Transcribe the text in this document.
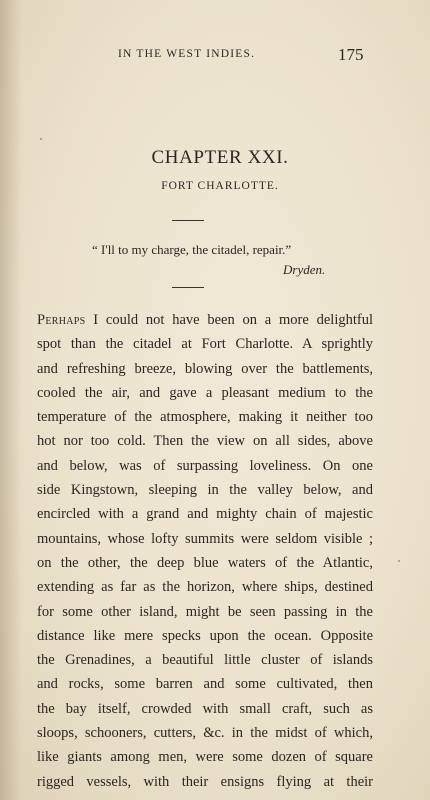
IN THE WEST INDIES.	175
CHAPTER XXI.
FORT CHARLOTTE.
“ I'll to my charge, the citadel, repair.”
Dryden.
Perhaps I could not have been on a more delightful
spot than the citadel at Fort Charlotte. A sprightly
and refreshing breeze, blowing over the battlements,
cooled the air, and gave a pleasant medium to the
temperature of the atmosphere, making it neither too
hot nor too cold. Then the view on all sides, above
and below, was of surpassing loveliness. On one
side Kingstown, sleeping in the valley below, and
encircled with a grand and mighty chain of majestic
mountains, whose lofty summits were seldom visible ;
on the other, the deep blue waters of the Atlantic,
extending as far as the horizon, where ships, destined
for some other island, might be seen passing in the
distance like mere specks upon the ocean. Opposite
the Grenadines, a beautiful little cluster of islands
and rocks, some barren and some cultivated, then
the bay itself, crowded with small craft, such as
sloops, schooners, cutters, &c. in the midst of which,
like giants among men, were some dozen of square
rigged vessels, with their ensigns flying at their
